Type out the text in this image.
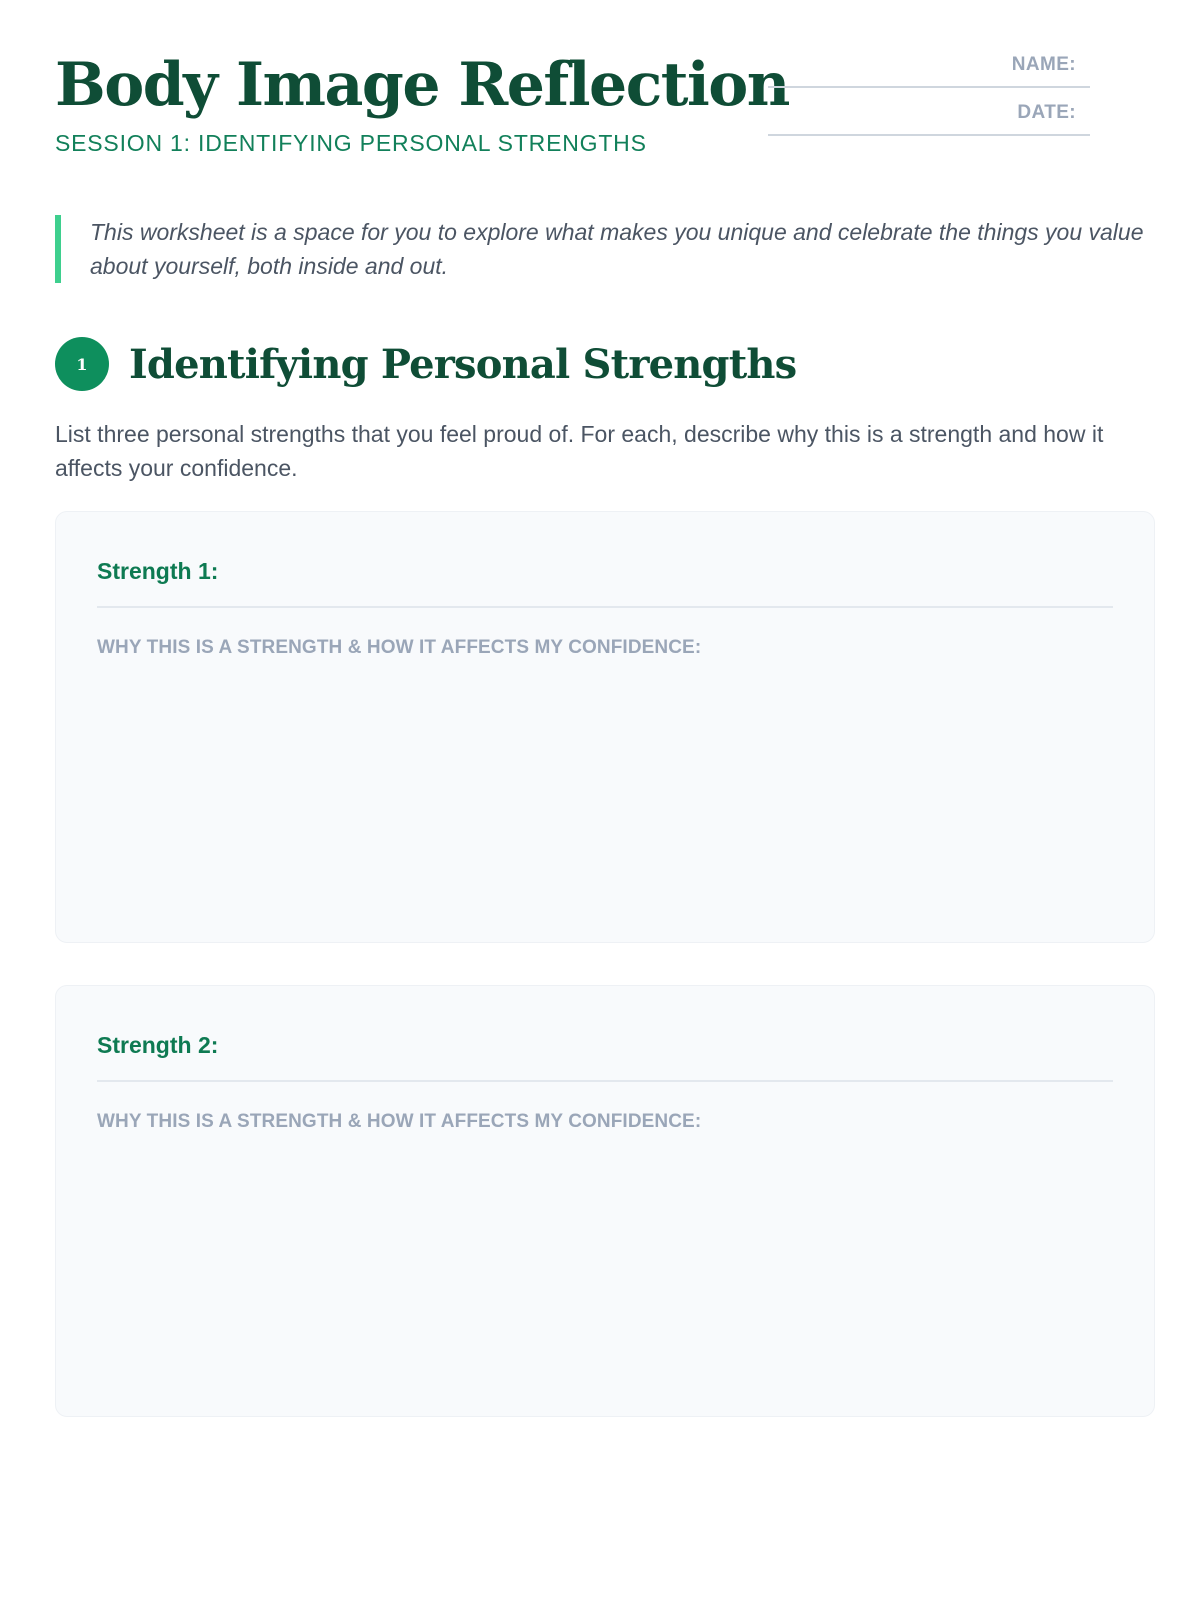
Body Image Reflection
SESSION 1: IDENTIFYING PERSONAL STRENGTHS
NAME:
DATE:
This worksheet is a space for you to explore what makes you unique and celebrate the things you value about yourself, both inside and out.
1	Identifying Personal Strengths

List three personal strengths that you feel proud of. For each, describe why this is a strength and how it affects your confidence.

Strength 1:
WHY THIS IS A STRENGTH & HOW IT AFFECTS MY CONFIDENCE:
Strength 2:
WHY THIS IS A STRENGTH & HOW IT AFFECTS MY CONFIDENCE:
